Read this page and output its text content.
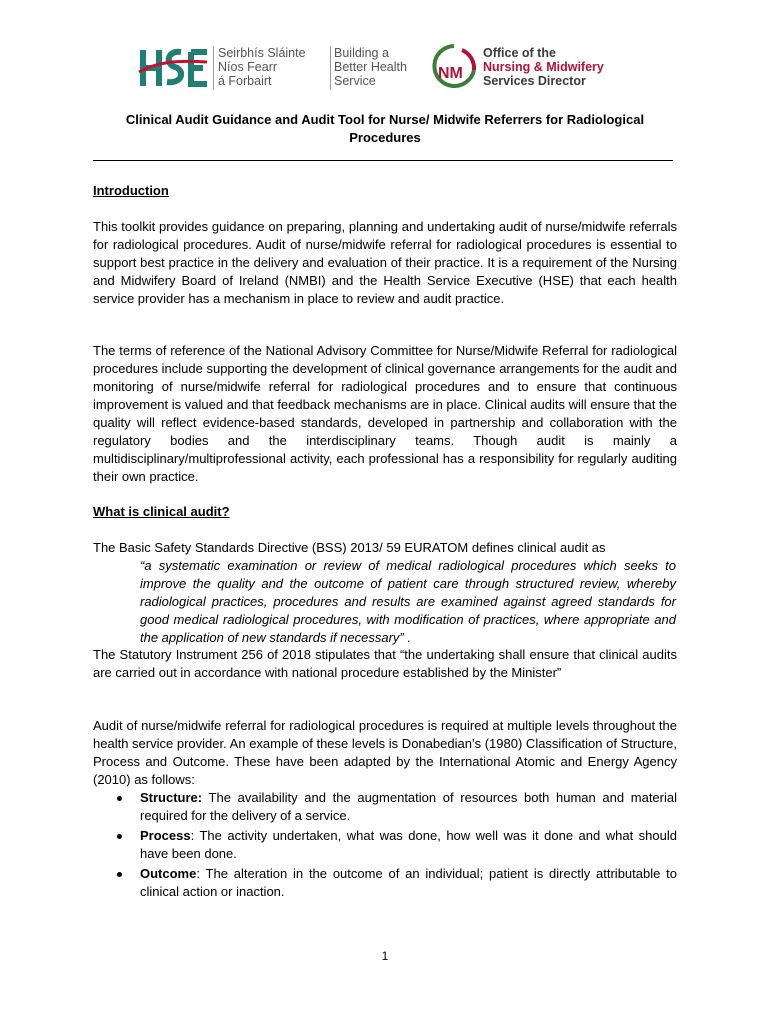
Seirbhís Sláinte
Níos Fearr
á Forbairt
Building a
Better Health
Service	NM
Office of the
Nursing & Midwifery
Services Director
Clinical Audit Guidance and Audit Tool for Nurse/ Midwife Referrers for Radiological Procedures
Introduction
This toolkit provides guidance on preparing, planning and undertaking audit of nurse/midwife referrals for radiological procedures. Audit of nurse/midwife referral for radiological procedures is essential to support best practice in the delivery and evaluation of their practice. It is a requirement of the Nursing and Midwifery Board of Ireland (NMBI) and the Health Service Executive (HSE) that each health service provider has a mechanism in place to review and audit practice.
The terms of reference of the National Advisory Committee for Nurse/Midwife Referral for radiological procedures include supporting the development of clinical governance arrangements for the audit and monitoring of nurse/midwife referral for radiological procedures and to ensure that continuous improvement is valued and that feedback mechanisms are in place. Clinical audits will ensure that the quality will reflect evidence-based standards, developed in partnership and collaboration with the regulatory bodies and the interdisciplinary teams. Though audit is mainly a multidisciplinary/multiprofessional activity, each professional has a responsibility for regularly auditing their own practice.
What is clinical audit?
The Basic Safety Standards Directive (BSS) 2013/ 59 EURATOM defines clinical audit as
“a systematic examination or review of medical radiological procedures which seeks to improve the quality and the outcome of patient care through structured review, whereby radiological practices, procedures and results are examined against agreed standards for good medical radiological procedures, with modification of practices, where appropriate and the application of new standards if necessary” .
The Statutory Instrument 256 of 2018 stipulates that “the undertaking shall ensure that clinical audits are carried out in accordance with national procedure established by the Minister”
Audit of nurse/midwife referral for radiological procedures is required at multiple levels throughout the health service provider. An example of these levels is Donabedian’s (1980) Classification of Structure, Process and Outcome. These have been adapted by the International Atomic and Energy Agency (2010) as follows:
Structure: The availability and the augmentation of resources both human and material required for the delivery of a service.
Process: The activity undertaken, what was done, how well was it done and what should have been done.
Outcome: The alteration in the outcome of an individual; patient is directly attributable to clinical action or inaction.
1
